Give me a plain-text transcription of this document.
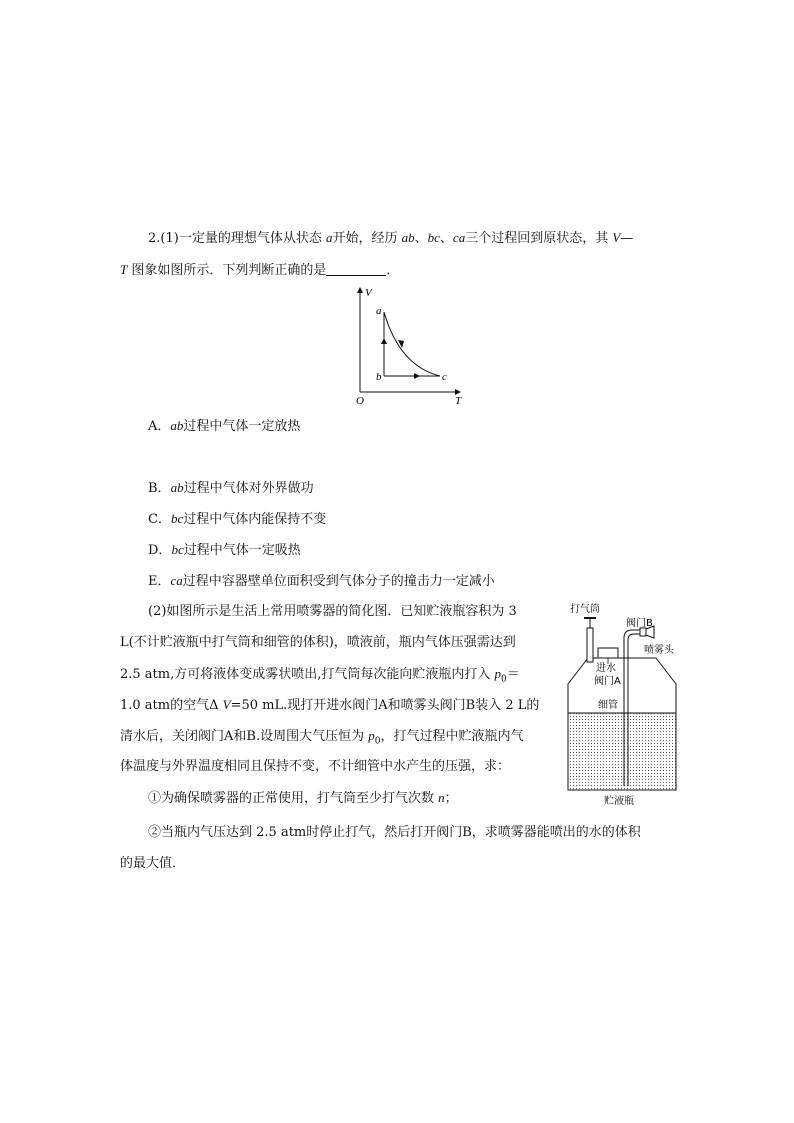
2.(1)一定量的理想气体从状态 a开始，经历 ab、bc、ca三个过程回到原状态，其 V—
T 图象如图所示．下列判断正确的是	．
V
T
O
a
b	c
A．ab过程中气体一定放热
B．ab过程中气体对外界做功
C．bc过程中气体内能保持不变
D．bc过程中气体一定吸热
E．ca过程中容器壁单位面积受到气体分子的撞击力一定减小
(2)如图所示是生活上常用喷雾器的简化图．已知贮液瓶容积为 3
L(不计贮液瓶中打气筒和细管的体积)，喷液前，瓶内气体压强需达到
2.5 atm,方可将液体变成雾状喷出,打气筒每次能向贮液瓶内打入 $p_0=$
1.0 atm的空气Δ V=50 mL.现打开进水阀门A和喷雾头阀门B装入 2 L的
清水后，关闭阀门A和B.设周围大气压恒为 $p_0$，打气过程中贮液瓶内气
体温度与外界温度相同且保持不变，不计细管中水产生的压强，求：
①为确保喷雾器的正常使用，打气筒至少打气次数 n；
②当瓶内气压达到 2.5 atm时停止打气，然后打开阀门B，求喷雾器能喷出的水的体积
的最大值．
打气筒
阀门B
喷雾头
进水
阀门A
细管
贮液瓶
